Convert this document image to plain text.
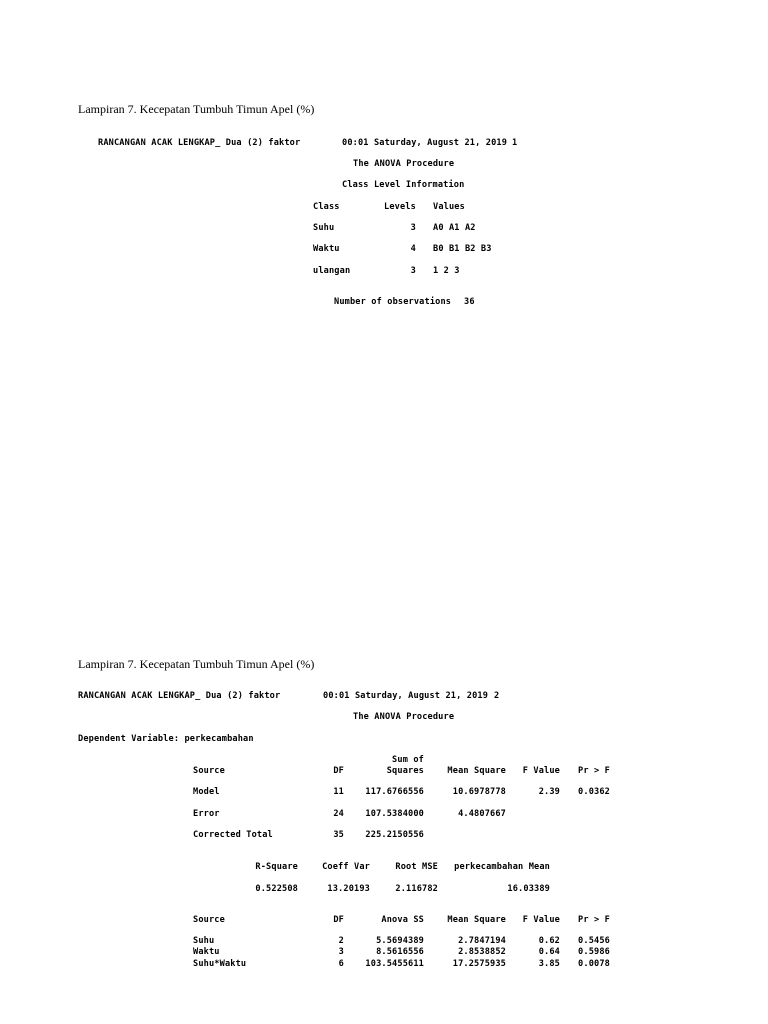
Lampiran 7. Kecepatan Tumbuh Timun Apel (%)
RANCANGAN ACAK LENGKAP_ Dua (2) faktor	00:01 Saturday, August 21, 2019 1
The ANOVA Procedure
Class Level Information
Class	Levels Values
Suhu	3 A0 A1 A2
Waktu	4 B0 B1 B2 B3
ulangan	3 1 2 3
Number of observations 36
Lampiran 7. Kecepatan Tumbuh Timun Apel (%)
RANCANGAN ACAK LENGKAP_ Dua (2) faktor	00:01 Saturday, August 21, 2019 2
The ANOVA Procedure
Dependent Variable: perkecambahan
Sum of
Source	DF	Squares	Mean Square	F Value	Pr > F
Model	11	117.6766556	10.6978778	2.39	0.0362
Error	24	107.5384000	4.4807667
Corrected Total	35	225.2150556
R-Square	Coeff Var	Root MSE	perkecambahan Mean
0.522508	13.20193	2.116782	16.03389
Source	DF	Anova SS	Mean Square	F Value	Pr > F
Suhu	2	5.5694389	2.7847194	0.62	0.5456
Waktu	3	8.5616556	2.8538852	0.64	0.5986
Suhu*Waktu	6	103.5455611	17.2575935	3.85	0.0078
